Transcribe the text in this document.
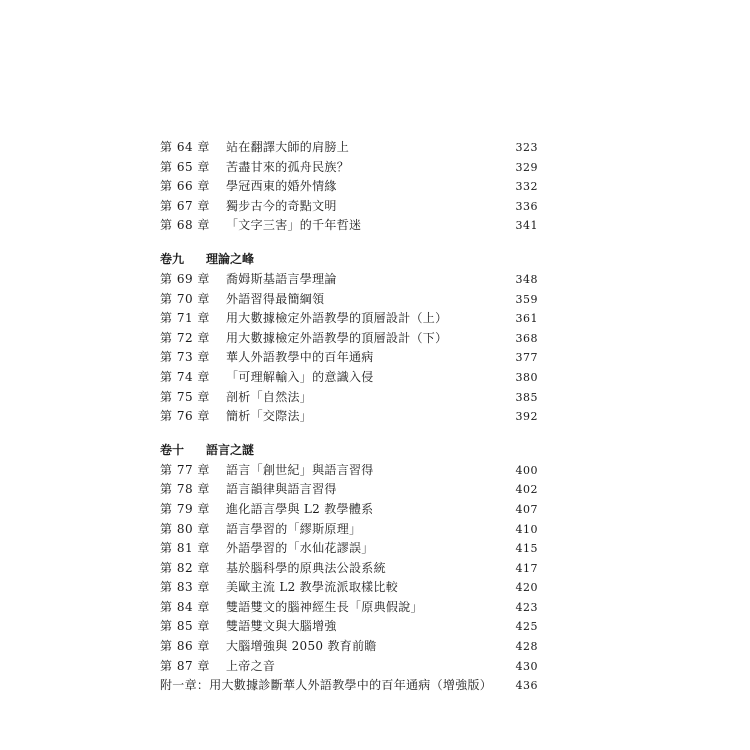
第 64 章 站在翻譯大師的肩膀上	323
第 65 章 苦盡甘來的孤舟民族？	329
第 66 章 學冠西東的婚外情緣	332
第 67 章 獨步古今的奇點文明	336
第 68 章 「文字三害」的千年哲迷	341
卷九 理論之峰
第 69 章 喬姆斯基語言學理論	348
第 70 章 外語習得最簡綱領	359
第 71 章 用大數據檢定外語教學的頂層設計（上）	361
第 72 章 用大數據檢定外語教學的頂層設計（下）	368
第 73 章 華人外語教學中的百年通病	377
第 74 章 「可理解輸入」的意識入侵	380
第 75 章 剖析「自然法」	385
第 76 章 簡析「交際法」	392
卷十 語言之謎
第 77 章 語言「創世紀」與語言習得	400
第 78 章 語言韻律與語言習得	402
第 79 章 進化語言學與 L2 教學體系	407
第 80 章 語言學習的「繆斯原理」	410
第 81 章 外語學習的「水仙花謬誤」	415
第 82 章 基於腦科學的原典法公設系統	417
第 83 章 美歐主流 L2 教學流派取樣比較	420
第 84 章 雙語雙文的腦神經生長「原典假說」	423
第 85 章 雙語雙文與大腦增強	425
第 86 章 大腦增強與 2050 教育前瞻	428
第 87 章 上帝之音	430
附一章：用大數據診斷華人外語教學中的百年通病（增強版） 436
